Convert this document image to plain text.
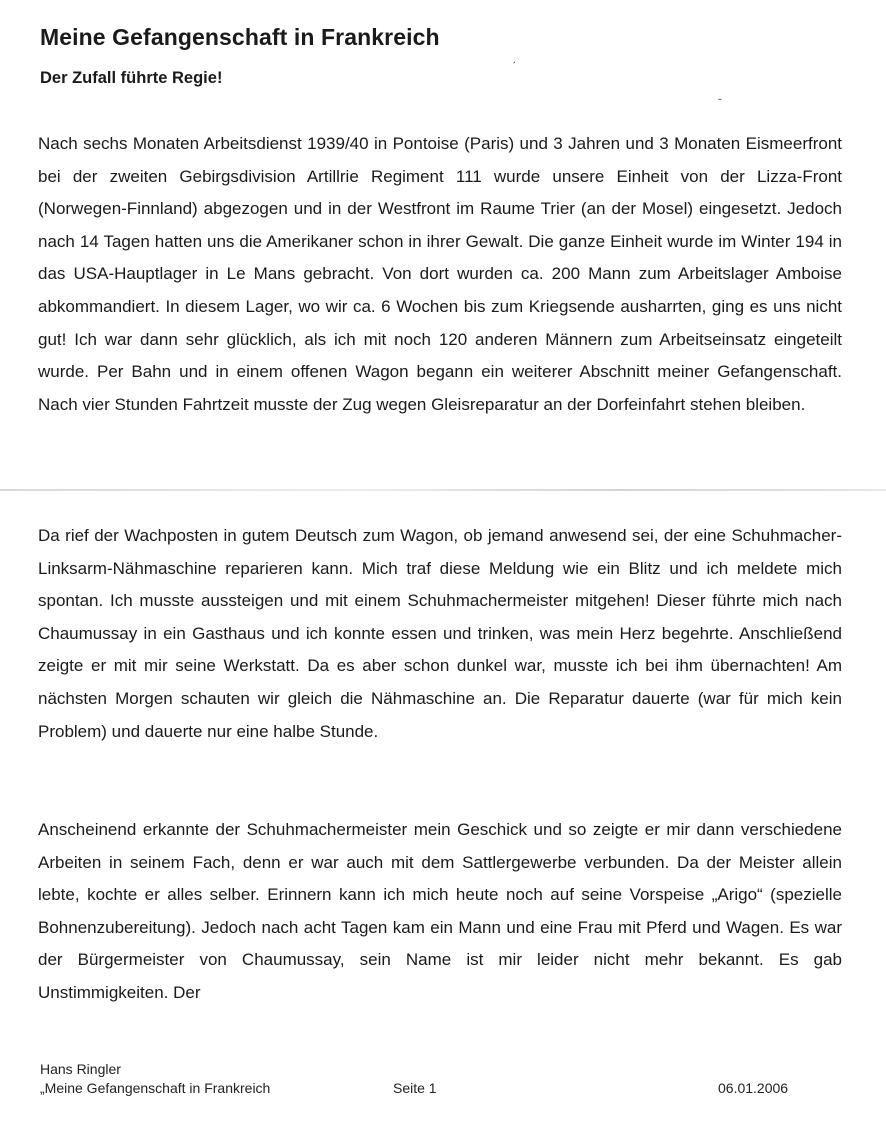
Meine Gefangenschaft in Frankreich
Der Zufall führte Regie!

Nach sechs Monaten Arbeitsdienst 1939/40 in Pontoise (Paris) und 3 Jahren und 3 Monaten Eismeerfront bei der zweiten Gebirgsdivision Artillrie Regiment 111 wurde unsere Einheit von der Lizza-Front (Norwegen-Finnland) abgezogen und in der Westfront im Raume Trier (an der Mosel) eingesetzt. Jedoch nach 14 Tagen hatten uns die Amerikaner schon in ihrer Gewalt. Die ganze Einheit wurde im Winter 194 in das USA-Hauptlager in Le Mans gebracht. Von dort wurden ca. 200 Mann zum Arbeitslager Amboise abkommandiert. In diesem Lager, wo wir ca. 6 Wochen bis zum Kriegsende ausharrten, ging es uns nicht gut! Ich war dann sehr glücklich, als ich mit noch 120 anderen Männern zum Arbeitseinsatz eingeteilt wurde. Per Bahn und in einem offenen Wagon begann ein weiterer Abschnitt meiner Gefangenschaft. Nach vier Stunden Fahrtzeit musste der Zug wegen Gleisreparatur an der Dorfeinfahrt stehen bleiben.

Da rief der Wachposten in gutem Deutsch zum Wagon, ob jemand anwesend sei, der eine Schuhmacher-Linksarm-Nähmaschine reparieren kann. Mich traf diese Meldung wie ein Blitz und ich meldete mich spontan. Ich musste aussteigen und mit einem Schuhmachermeister mitgehen! Dieser führte mich nach Chaumussay in ein Gasthaus und ich konnte essen und trinken, was mein Herz begehrte. Anschließend zeigte er mit mir seine Werkstatt. Da es aber schon dunkel war, musste ich bei ihm übernachten! Am nächsten Morgen schauten wir gleich die Nähmaschine an. Die Reparatur dauerte (war für mich kein Problem) und dauerte nur eine halbe Stunde.

Anscheinend erkannte der Schuhmachermeister mein Geschick und so zeigte er mir dann verschiedene Arbeiten in seinem Fach, denn er war auch mit dem Sattlergewerbe verbunden. Da der Meister allein lebte, kochte er alles selber. Erinnern kann ich mich heute noch auf seine Vorspeise „Arigo“ (spezielle Bohnenzubereitung). Jedoch nach acht Tagen kam ein Mann und eine Frau mit Pferd und Wagen. Es war der Bürgermeister von Chaumussay, sein Name ist mir leider nicht mehr bekannt. Es gab Unstimmigkeiten. Der

ˏ
ˉ
Hans Ringler
„Meine Gefangenschaft in Frankreich	Seite 1	06.01.2006
